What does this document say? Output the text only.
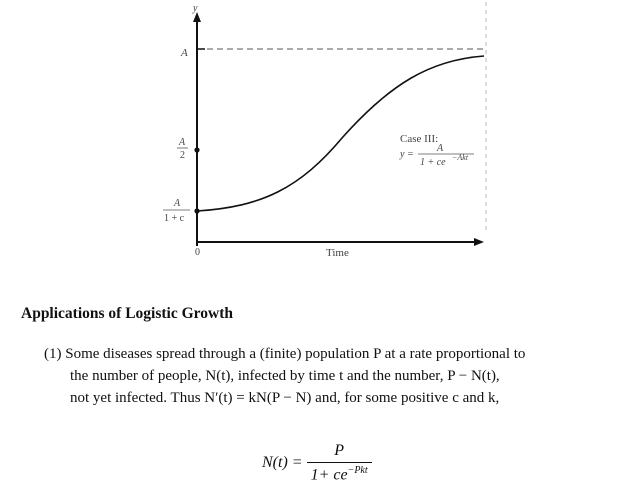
y
A
A
2
A
1 + c
0	Time
Case III:
y =
A
1 + ce −Akt
Applications of Logistic Growth
(1) Some diseases spread through a (finite) population P at a rate proportional to
the number of people, N(t), infected by time t and the number, P − N(t),
not yet infected. Thus N′(t) = kN(P − N) and, for some positive c and k,
$N(t) = \frac{P}{1+ ce^{-Pkt}}$
